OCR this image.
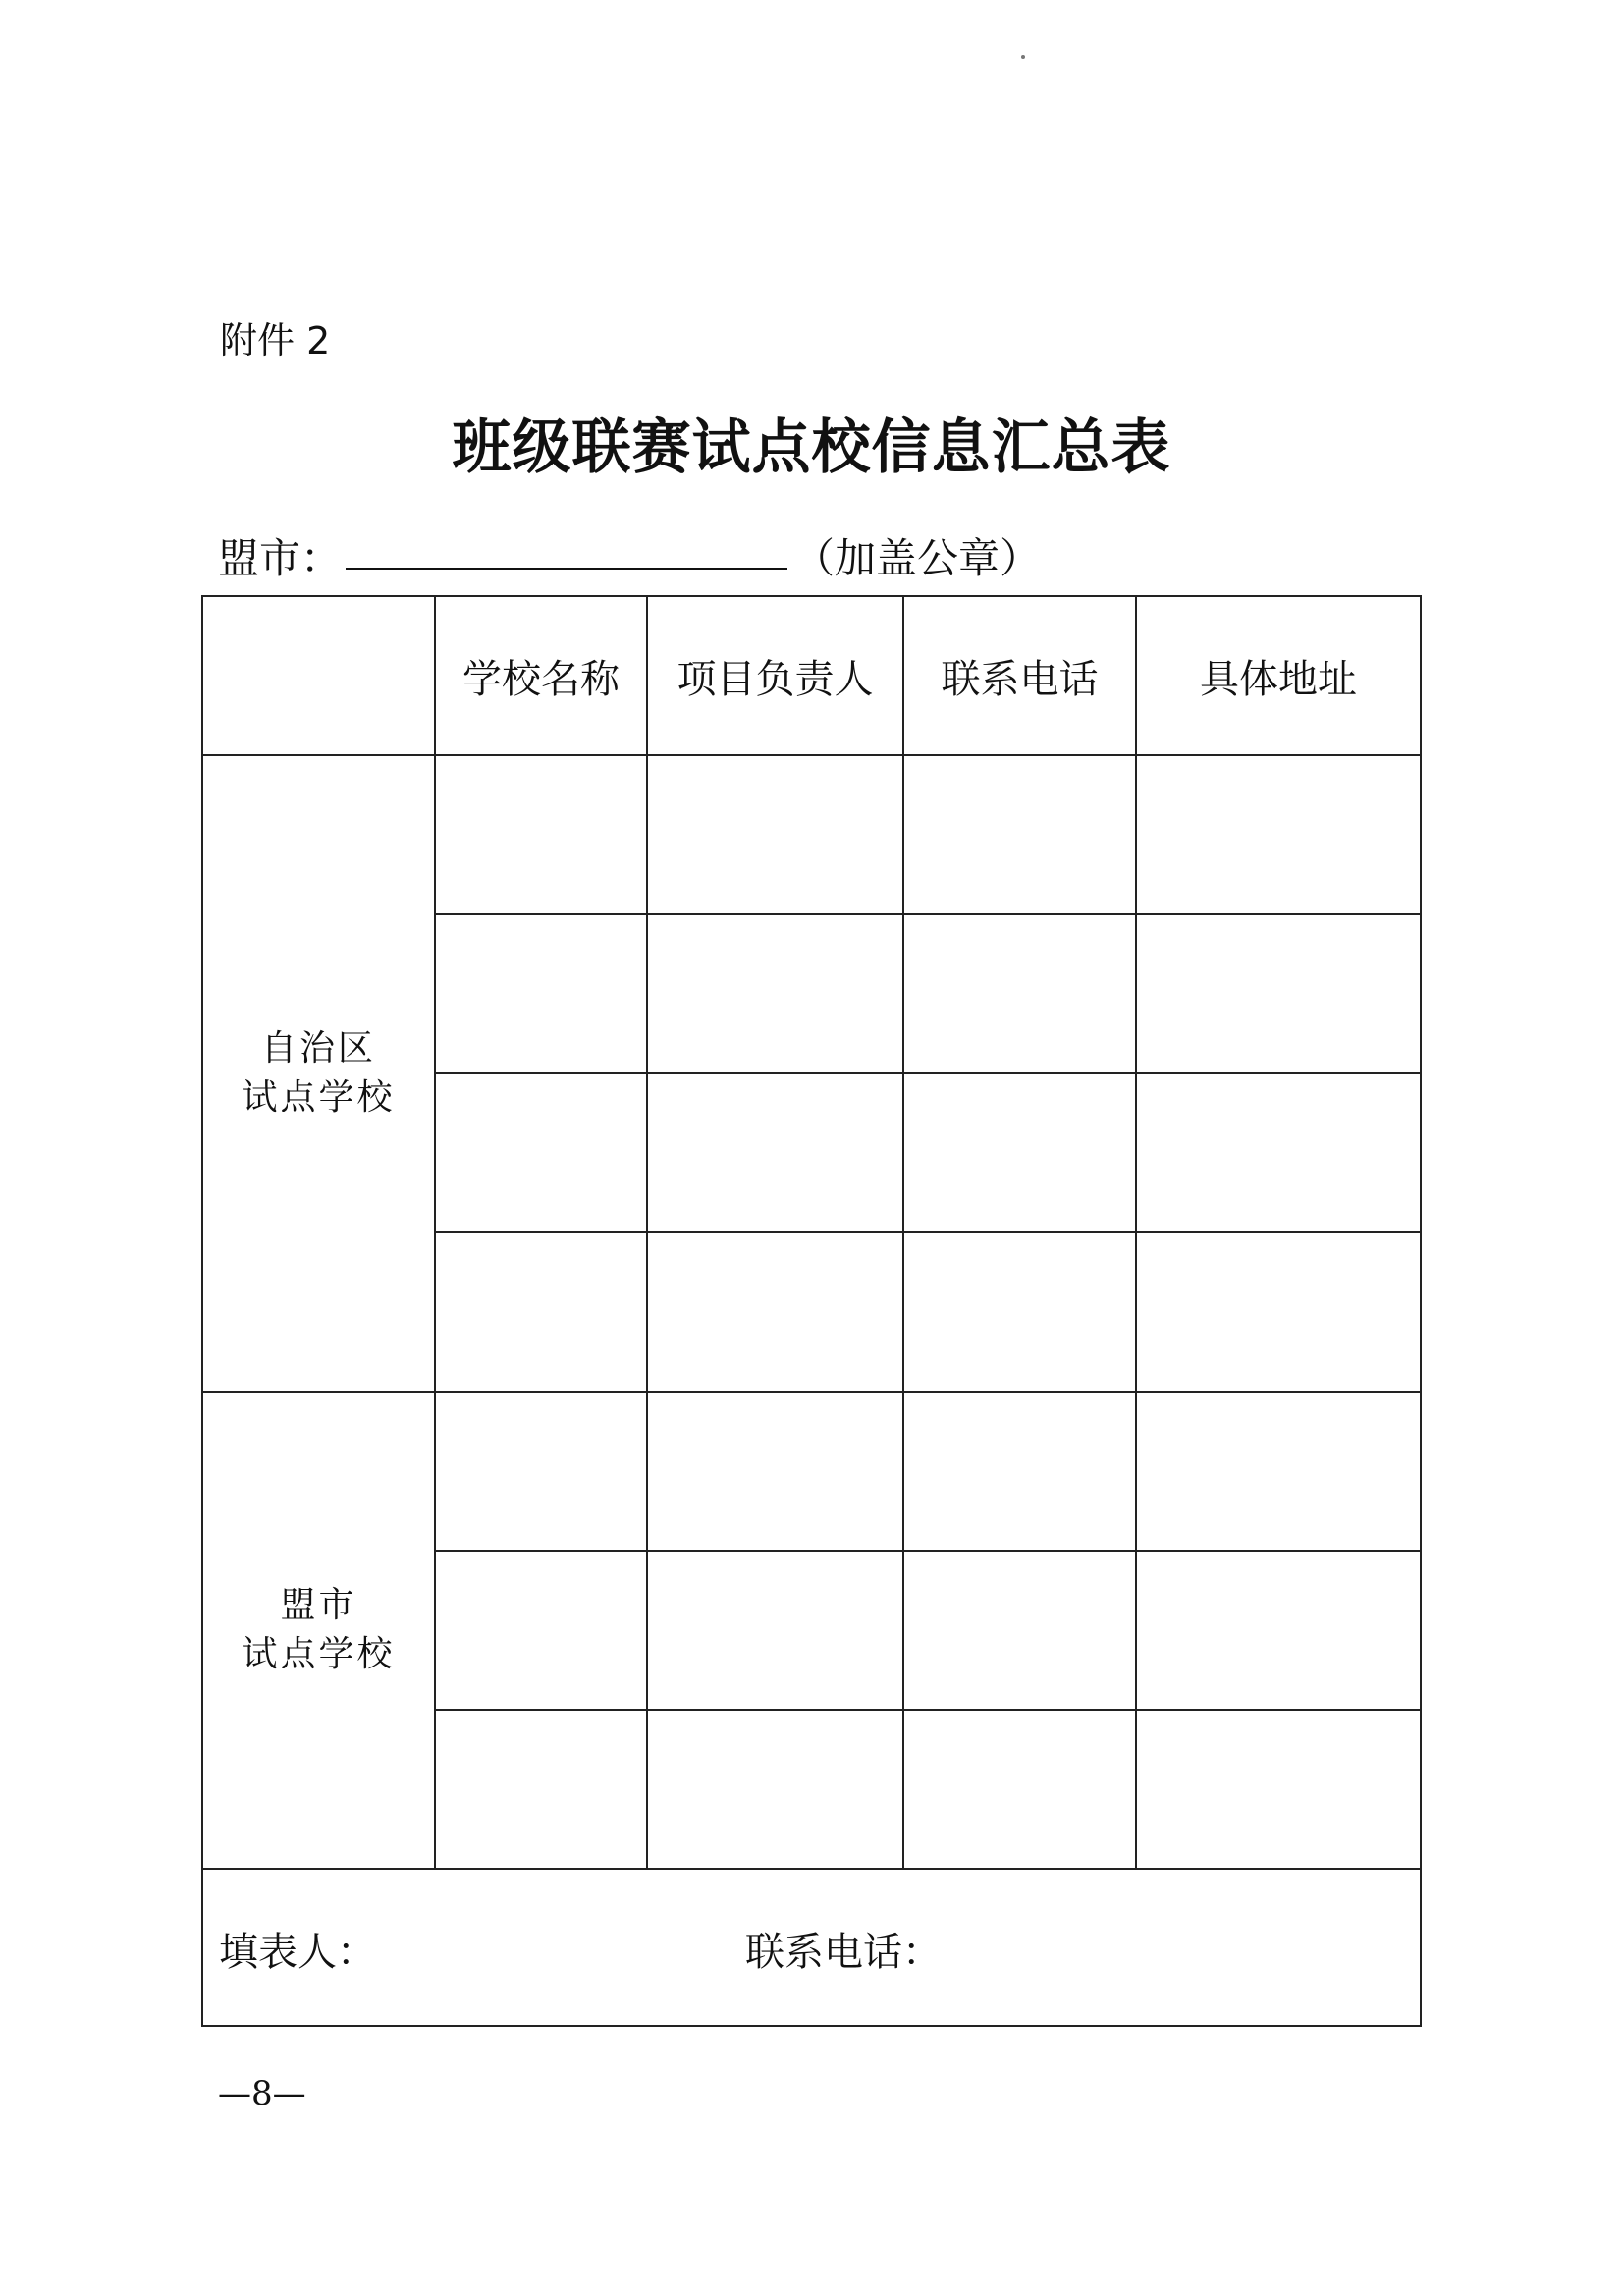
附件 2
班级联赛试点校信息汇总表
盟市：	（加盖公章）
	学校名称	项目负责人	联系电话	具体地址

自治区
试点学校				

盟市
试点学校				

填表人： 联系电话：				
—8—
